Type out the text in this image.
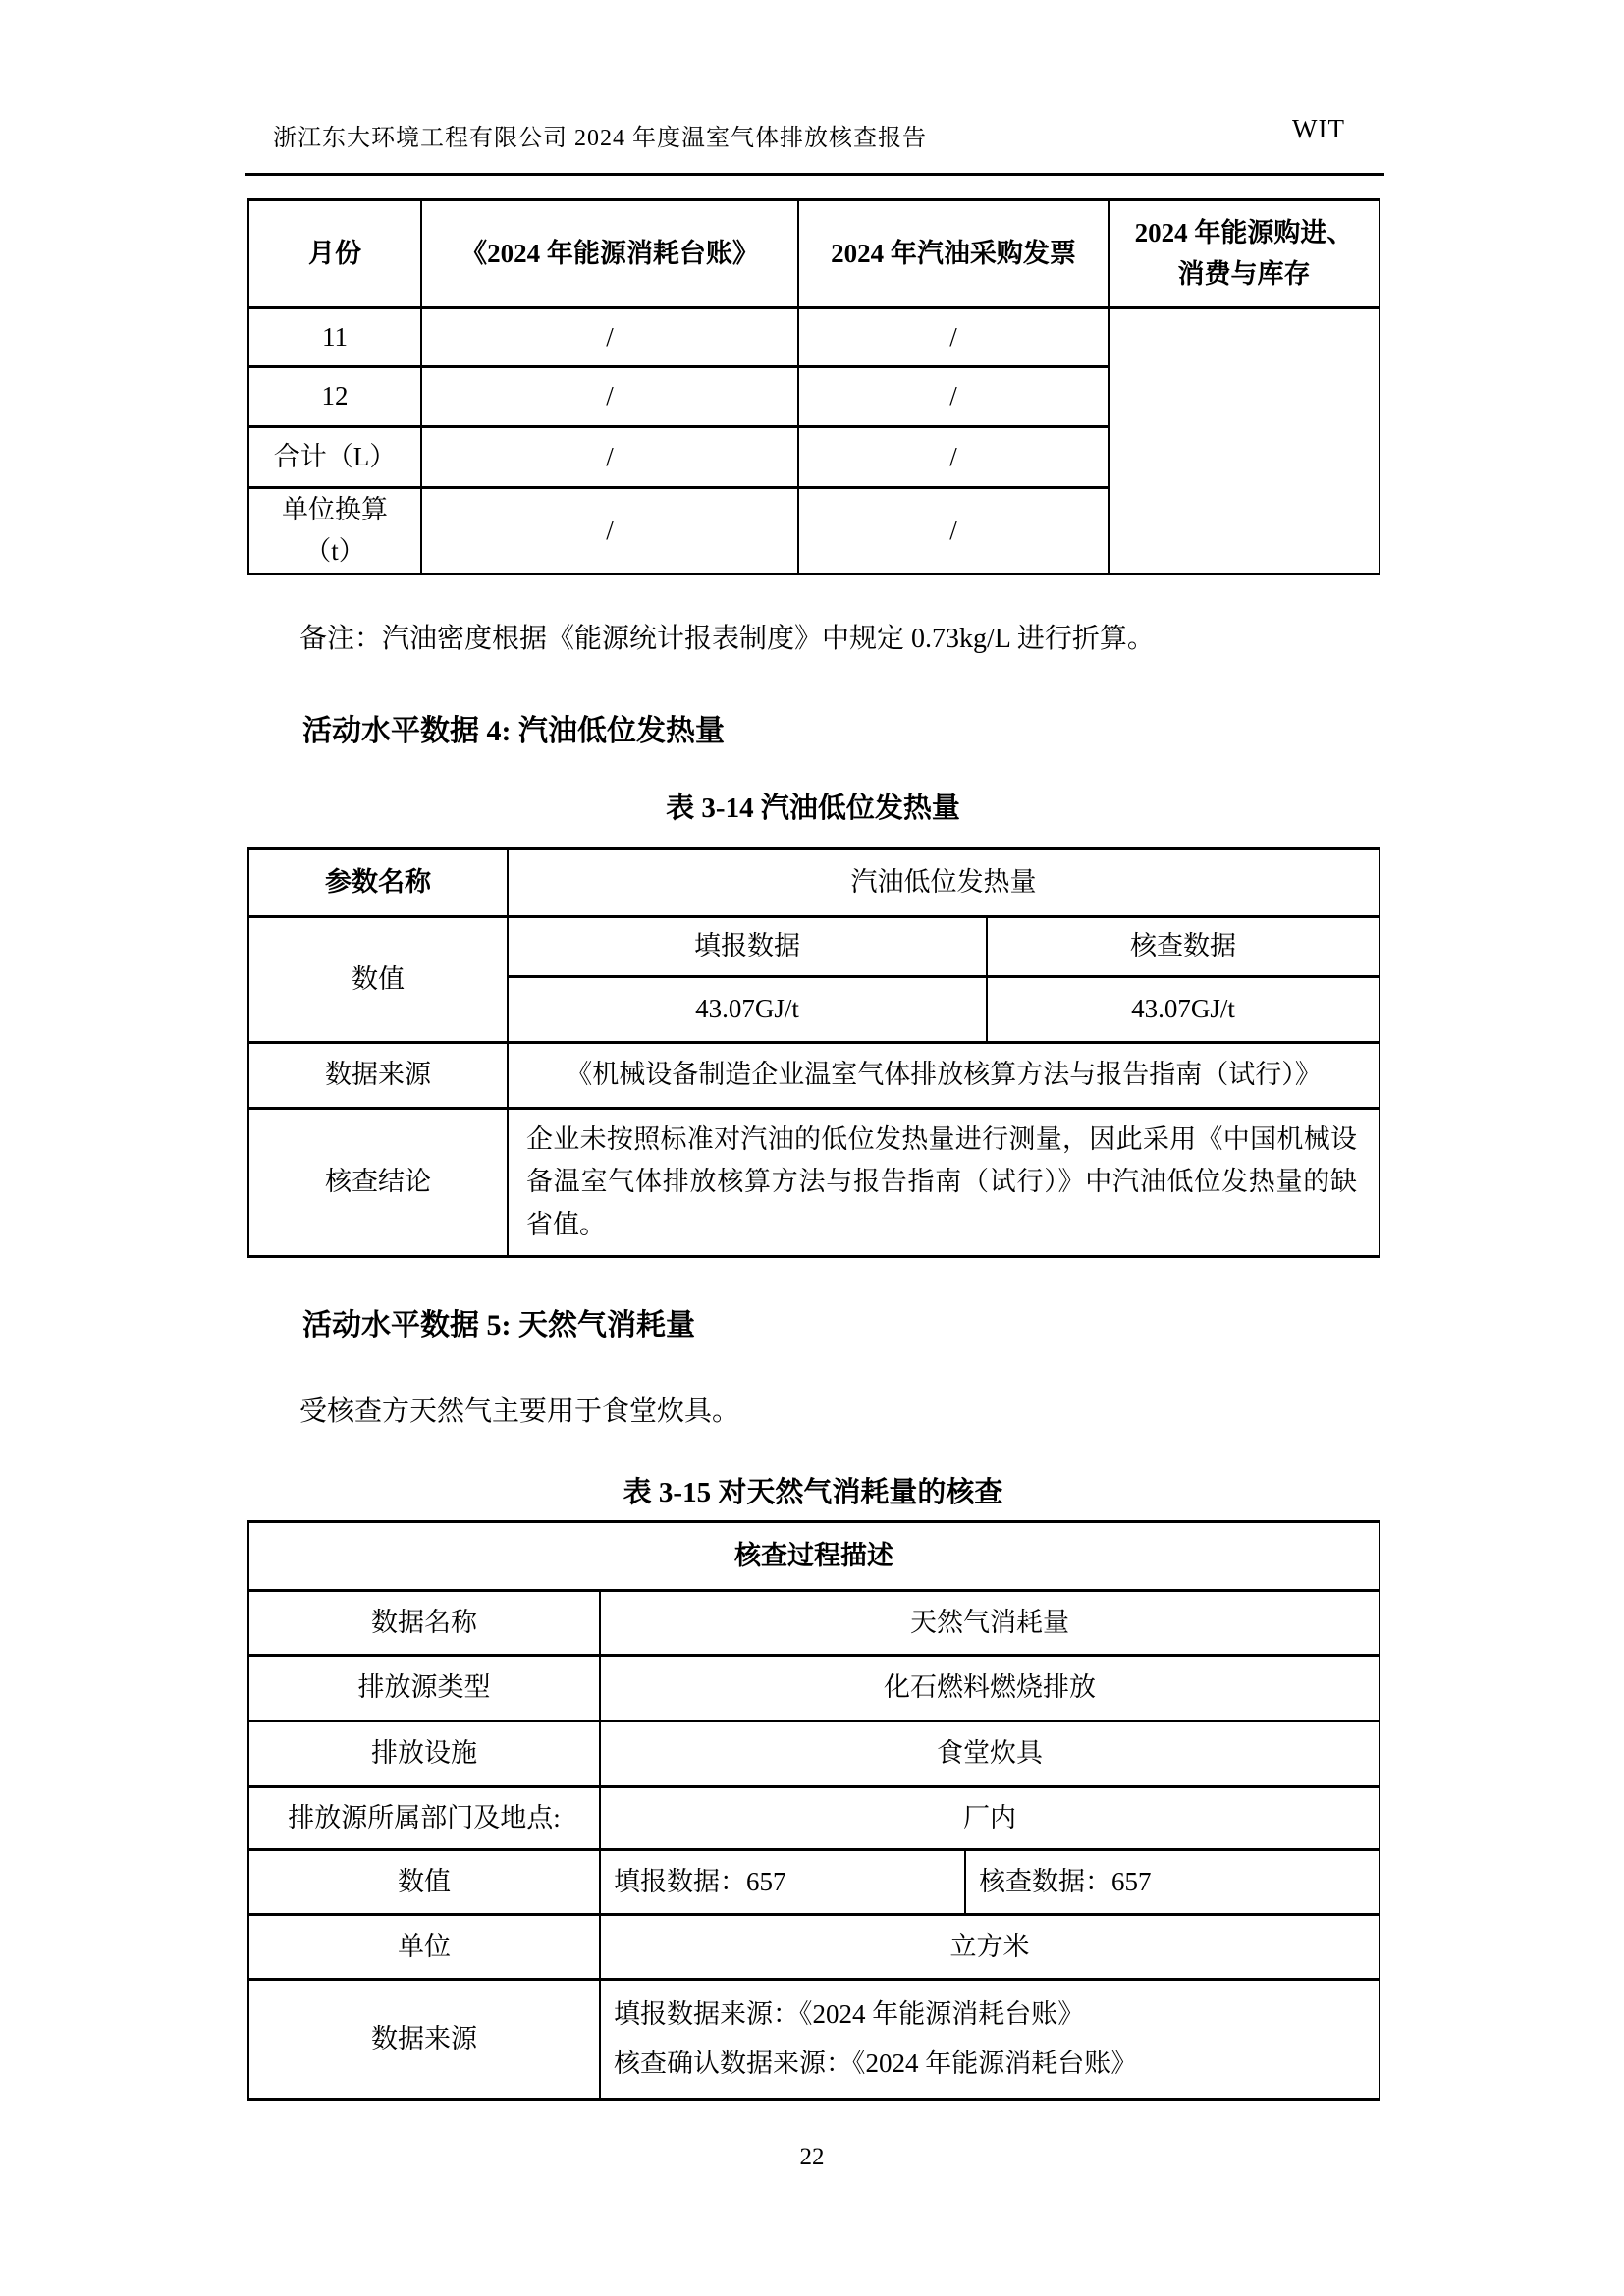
浙江东大环境工程有限公司 2024 年度温室气体排放核查报告	WIT
月份	《2024 年能源消耗台账》	2024 年汽油采购发票	2024 年能源购进、
消费与库存

11	/	/	
12	/	/	
合计（L）	/	/	

单位换算
（t）	/	/	
备注：汽油密度根据《能源统计报表制度》中规定 0.73kg/L 进行折算。
活动水平数据 4: 汽油低位发热量
表 3-14 汽油低位发热量
参数名称	汽油低位发热量	
数值	填报数据	核查数据
	43.07GJ/t	43.07GJ/t
数据来源	《机械设备制造企业温室气体排放核算方法与报告指南（试行）》	
核查结论	企业未按照标准对汽油的低位发热量进行测量，因此采用《中国机械设备温室气体排放核算方法与报告指南（试行）》中汽油低位发热量的缺省值。	
活动水平数据 5: 天然气消耗量
受核查方天然气主要用于食堂炊具。
表 3-15 对天然气消耗量的核查
核查过程描述		
数据名称	天然气消耗量	
排放源类型	化石燃料燃烧排放	
排放设施	食堂炊具	
排放源所属部门及地点:	厂内	
数值	填报数据：657	核查数据：657
单位	立方米	
数据来源	填报数据来源：《2024 年能源消耗台账》
核查确认数据来源：《2024 年能源消耗台账》	
22
